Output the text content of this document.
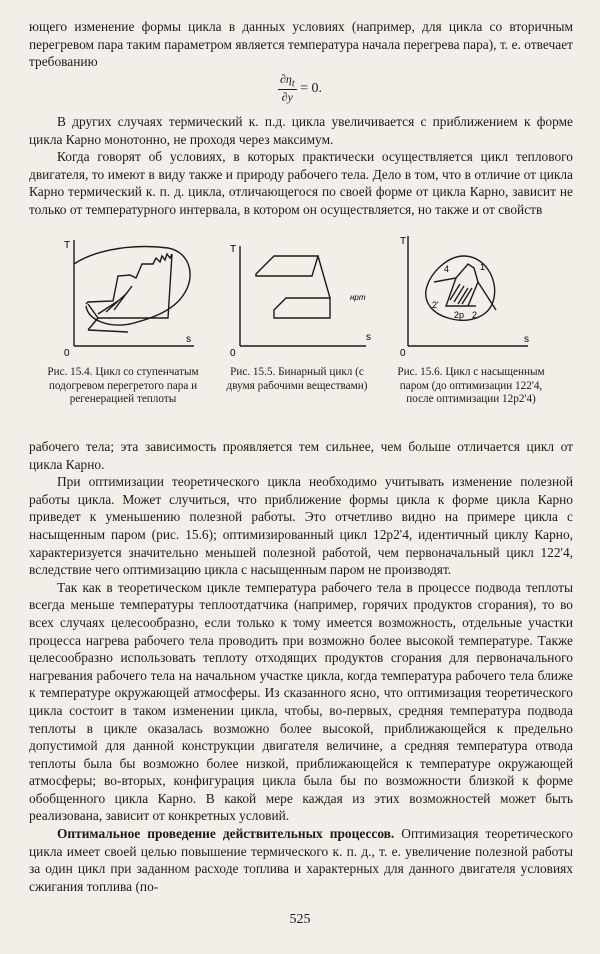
ющего изменение формы цикла в данных условиях (например, для цикла со вторичным перегревом пара таким параметром является температура начала перегрева пара), т. е. отвечает требованию

$\frac{\partial\eta_t}{\partial y} = 0$.

В других случаях термический к. п.д. цикла увеличивается с приближением к форме цикла Карно монотонно, не проходя через максимум.

Когда говорят об условиях, в которых практически осуществляется цикл теплового двигателя, то имеют в виду также и природу рабочего тела. Дело в том, что в отличие от цикла Карно термический к. п. д. цикла, отличающегося по своей форме от цикла Карно, зависит не только от температурного интервала, в котором он осуществляется, но также и от свойств

T
s
0
T
s
0
нрт
T
s
0
4	1
2'
2p 2
Рис. 15.4. Цикл со ступенчатым подогревом перегретого пара и регенерацией теплоты
Рис. 15.5. Бинарный цикл (с двумя рабочими веществами)
Рис. 15.6. Цикл с насыщенным паром (до оптимизации 122'4, после оптимизации 12p2'4)

рабочего тела; эта зависимость проявляется тем сильнее, чем больше отличается цикл от цикла Карно.

При оптимизации теоретического цикла необходимо учитывать изменение полезной работы цикла. Может случиться, что приближение формы цикла к форме цикла Карно приведет к уменьшению полезной работы. Это отчетливо видно на примере цикла с насыщенным паром (рис. 15.6); оптимизированный цикл 12p2'4, идентичный циклу Карно, характеризуется значительно меньшей полезной работой, чем первоначальный цикл 122'4, вследствие чего оптимизацию цикла с насыщенным паром не производят.

Так как в теоретическом цикле температура рабочего тела в процессе подвода теплоты всегда меньше температуры теплоотдатчика (например, горячих продуктов сгорания), то во всех случаях целесообразно, если только к тому имеется возможность, отдельные участки процесса нагрева рабочего тела проводить при возможно более высокой температуре. Также целесообразно использовать теплоту отходящих продуктов сгорания для первоначального нагревания рабочего тела на начальном участке цикла, когда температура рабочего тела ближе к температуре окружающей атмосферы. Из сказанного ясно, что оптимизация теоретического цикла состоит в таком изменении цикла, чтобы, во-первых, средняя температура подвода теплоты в цикле оказалась возможно более высокой, приближающейся к предельно допустимой для данной конструкции двигателя величине, а средняя температура отвода теплоты была бы возможно более низкой, приближающейся к температуре окружающей атмосферы; во-вторых, конфигурация цикла была бы по возможности близкой к форме обобщенного цикла Карно. В какой мере каждая из этих возможностей может быть реализована, зависит от конкретных условий.

Оптимальное проведение действительных процессов. Оптимизация теоретического цикла имеет своей целью повышение термического к. п. д., т. е. увеличение полезной работы за один цикл при заданном расходе топлива и характерных для данного двигателя условиях сжигания топлива (по-

525
